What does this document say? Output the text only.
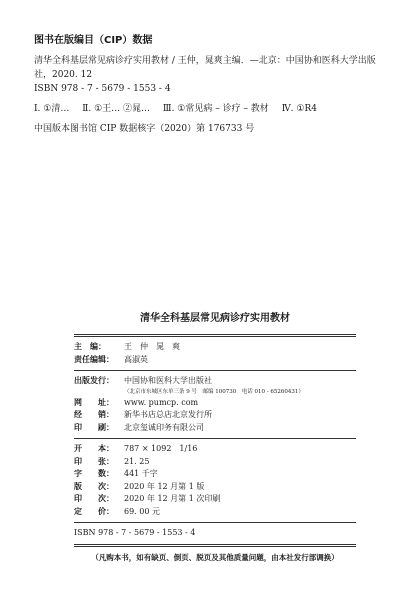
图书在版编目（CIP）数据
清华全科基层常见病诊疗实用教材 / 王仲，晁爽主编．—北京：中国协和医科大学出版
社，2020. 12
ISBN 978 - 7 - 5679 - 1553 - 4
Ⅰ. ①清… Ⅱ. ①王… ②晁… Ⅲ. ①常见病 – 诊疗 – 教材 Ⅳ. ①R4
中国版本图书馆 CIP 数据核字（2020）第 176733 号
清华全科基层常见病诊疗实用教材
主　编：	王　仲　晁　爽
责任编辑：	高淑英
出版发行：	中国协和医科大学出版社
（北京市东城区东单三条 9 号　邮编 100730　电话 010 - 65260431）
网　　址：	www. pumcp. com
经　　销：	新华书店总店北京发行所
印　　刷：	北京玺诚印务有限公司
开　　本：	787 × 1092　1/16
印　　张：	21. 25
字　　数：	441 千字
版　　次：	2020 年 12 月第 1 版
印　　次：	2020 年 12 月第 1 次印刷
定　　价：	69. 00 元
ISBN 978 - 7 - 5679 - 1553 - 4
（凡购本书，如有缺页、倒页、脱页及其他质量问题，由本社发行部调换）
